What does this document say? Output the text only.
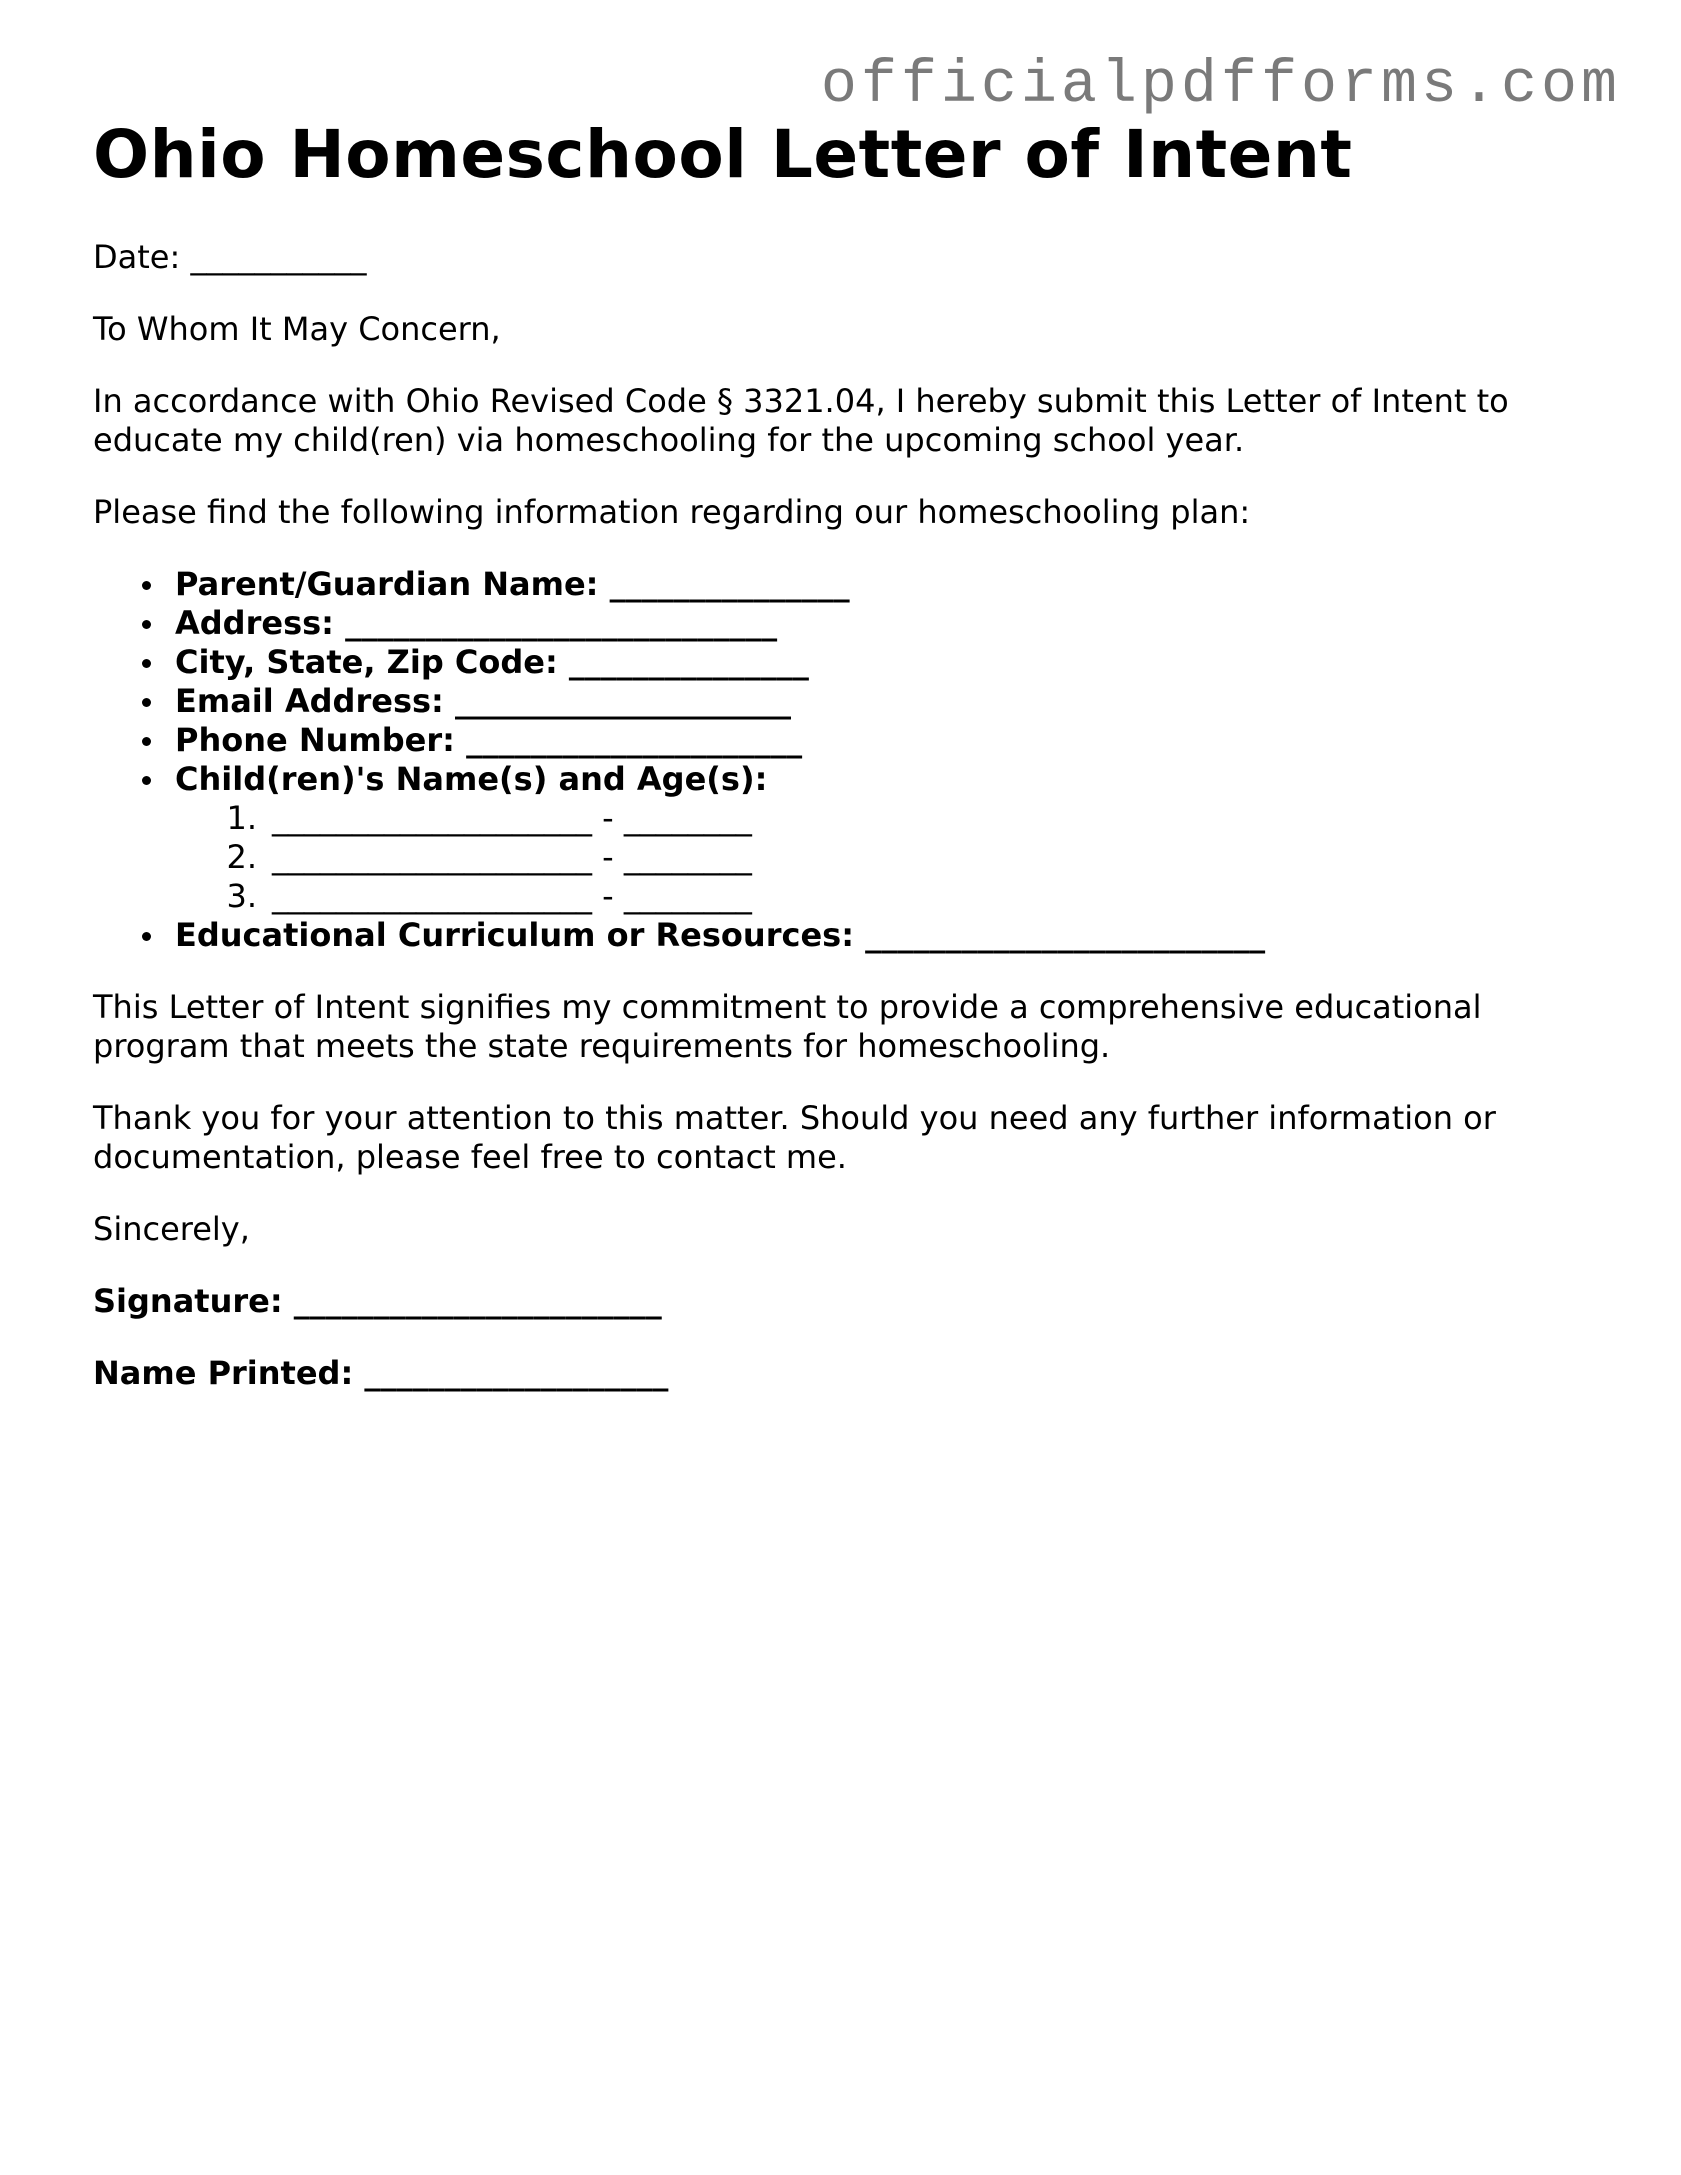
officialpdfforms.com
Ohio Homeschool Letter of Intent

Date: ___________

To Whom It May Concern,

In accordance with Ohio Revised Code § 3321.04, I hereby submit this Letter of Intent to educate my child(ren) via homeschooling for the upcoming school year.

Please find the following information regarding our homeschooling plan:

Parent/Guardian Name: _______________
Address: ___________________________
City, State, Zip Code: _______________
Email Address: _____________________
Phone Number: _____________________
Child(ren)'s Name(s) and Age(s):
1. ____________________ - ________
2. ____________________ - ________
3. ____________________ - ________
Educational Curriculum or Resources: _________________________

This Letter of Intent signifies my commitment to provide a comprehensive educational program that meets the state requirements for homeschooling.

Thank you for your attention to this matter. Should you need any further information or documentation, please feel free to contact me.

Sincerely,

Signature: _______________________

Name Printed: ___________________
